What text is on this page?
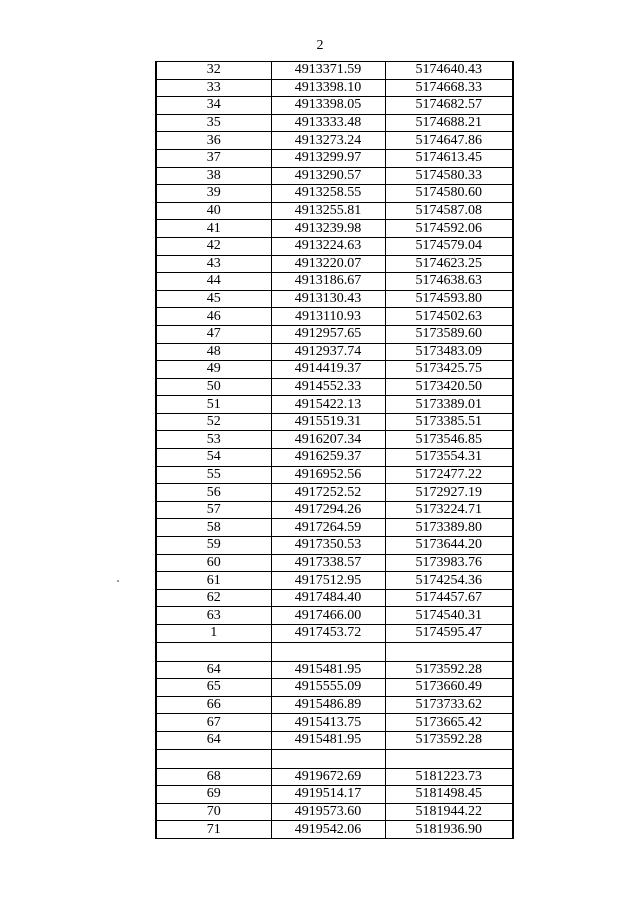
2
32	4913371.59	5174640.43
33	4913398.10	5174668.33
34	4913398.05	5174682.57
35	4913333.48	5174688.21
36	4913273.24	5174647.86
37	4913299.97	5174613.45
38	4913290.57	5174580.33
39	4913258.55	5174580.60
40	4913255.81	5174587.08
41	4913239.98	5174592.06
42	4913224.63	5174579.04
43	4913220.07	5174623.25
44	4913186.67	5174638.63
45	4913130.43	5174593.80
46	4913110.93	5174502.63
47	4912957.65	5173589.60
48	4912937.74	5173483.09
49	4914419.37	5173425.75
50	4914552.33	5173420.50
51	4915422.13	5173389.01
52	4915519.31	5173385.51
53	4916207.34	5173546.85
54	4916259.37	5173554.31
55	4916952.56	5172477.22
56	4917252.52	5172927.19
57	4917294.26	5173224.71
58	4917264.59	5173389.80
59	4917350.53	5173644.20
60	4917338.57	5173983.76
61	4917512.95	5174254.36
62	4917484.40	5174457.67
63	4917466.00	5174540.31
1	4917453.72	5174595.47

64	4915481.95	5173592.28
65	4915555.09	5173660.49
66	4915486.89	5173733.62
67	4915413.75	5173665.42
64	4915481.95	5173592.28

68	4919672.69	5181223.73
69	4919514.17	5181498.45
70	4919573.60	5181944.22
71	4919542.06	5181936.90
